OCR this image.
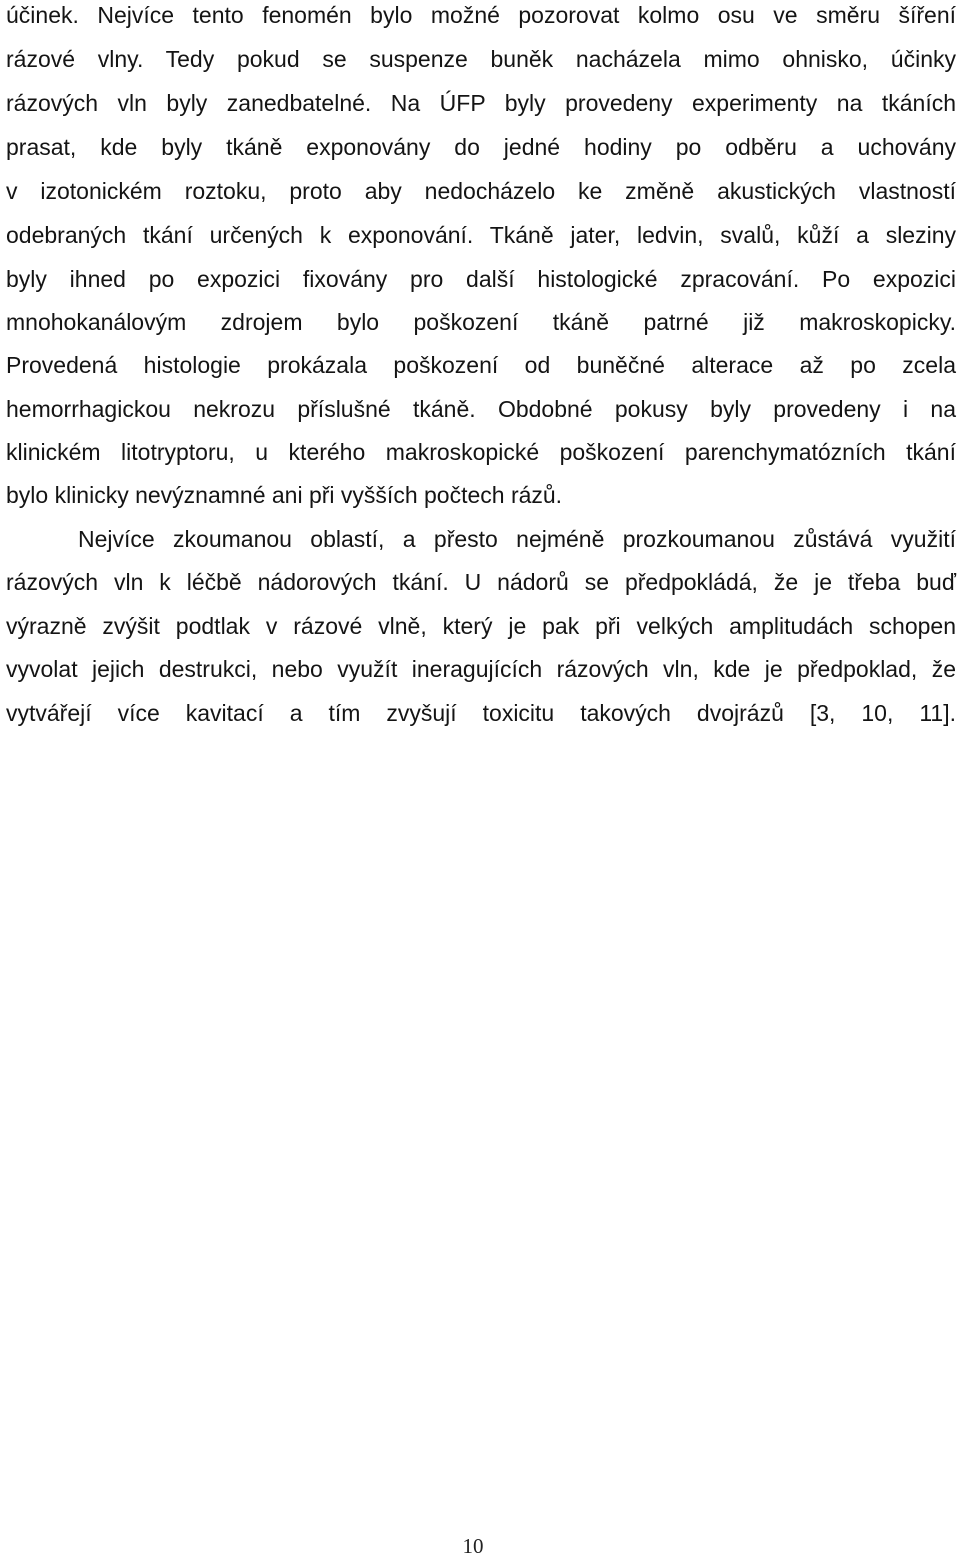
účinek. Nejvíce tento fenomén bylo možné pozorovat kolmo osu ve směru šíření
rázové vlny. Tedy pokud se suspenze buněk nacházela mimo ohnisko, účinky
rázových vln byly zanedbatelné. Na ÚFP byly provedeny experimenty na tkáních
prasat, kde byly tkáně exponovány do jedné hodiny po odběru a uchovány
v izotonickém roztoku, proto aby nedocházelo ke změně akustických vlastností
odebraných tkání určených k exponování. Tkáně jater, ledvin, svalů, kůží a sleziny
byly ihned po expozici fixovány pro další histologické zpracování. Po expozici
mnohokanálovým zdrojem bylo poškození tkáně patrné již makroskopicky.
Provedená histologie prokázala poškození od buněčné alterace až po zcela
hemorrhagickou nekrozu příslušné tkáně. Obdobné pokusy byly provedeny i na
klinickém litotryptoru, u kterého makroskopické poškození parenchymatózních tkání
bylo klinicky nevýznamné ani při vyšších počtech rázů.
Nejvíce zkoumanou oblastí, a přesto nejméně prozkoumanou zůstává využití
rázových vln k léčbě nádorových tkání. U nádorů se předpokládá, že je třeba buď
výrazně zvýšit podtlak v rázové vlně, který je pak při velkých amplitudách schopen
vyvolat jejich destrukci, nebo využít ineragujících rázových vln, kde je předpoklad, že
vytvářejí více kavitací a tím zvyšují toxicitu takových dvojrázů [3, 10, 11].
10
